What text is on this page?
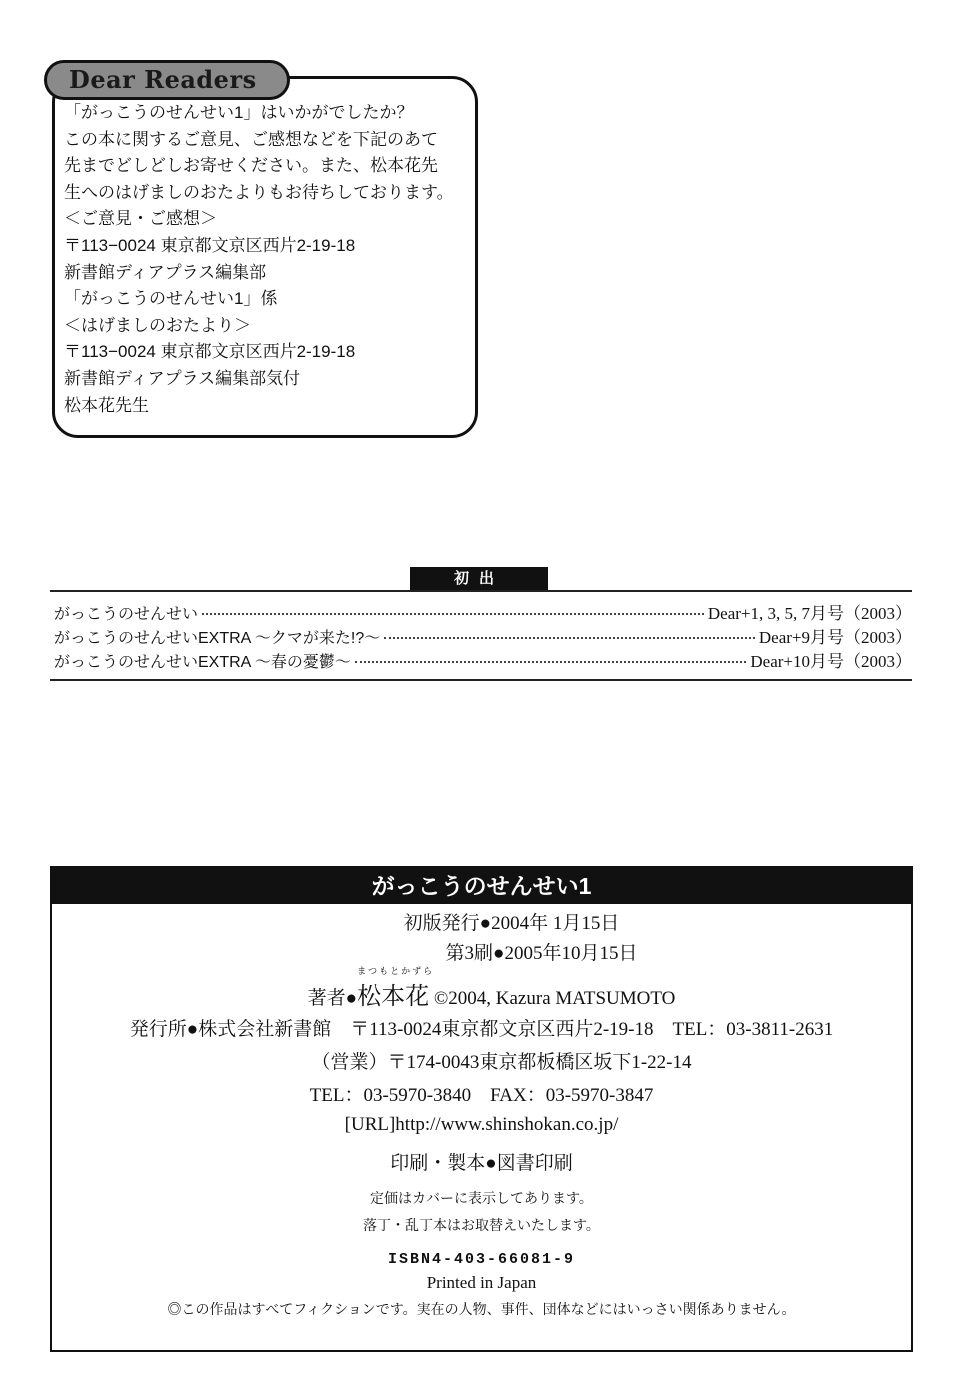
Dear Readers
「がっこうのせんせい1」はいかがでしたか？
この本に関するご意見、ご感想などを下記のあて
先までどしどしお寄せください。また、松本花先
生へのはげましのおたよりもお待ちしております。
＜ご意見・ご感想＞
〒113−0024 東京都文京区西片2-19-18
新書館ディアプラス編集部
「がっこうのせんせい1」係
＜はげましのおたより＞
〒113−0024 東京都文京区西片2-19-18
新書館ディアプラス編集部気付
松本花先生
初出
がっこうのせんせい	Dear+1, 3, 5, 7月号（2003）
がっこうのせんせいEXTRA ～クマが来た!?～	Dear+9月号（2003）
がっこうのせんせいEXTRA ～春の憂鬱～	Dear+10月号（2003）
がっこうのせんせい1
初版発行●2004年 1月15日
第3刷●2005年10月15日
著者●
まつもとかずら
松本花 ©2004, Kazura MATSUMOTO
発行所●株式会社新書館　〒113-0024東京都文京区西片2-19-18　TEL：03-3811-2631
（営業）〒174-0043東京都板橋区坂下1-22-14
TEL：03-5970-3840　FAX：03-5970-3847
[URL]http://www.shinshokan.co.jp/
印刷・製本●図書印刷
定価はカバーに表示してあります。
落丁・乱丁本はお取替えいたします。
ISBN4-403-66081-9
Printed in Japan
◎この作品はすべてフィクションです。実在の人物、事件、団体などにはいっさい関係ありません。
